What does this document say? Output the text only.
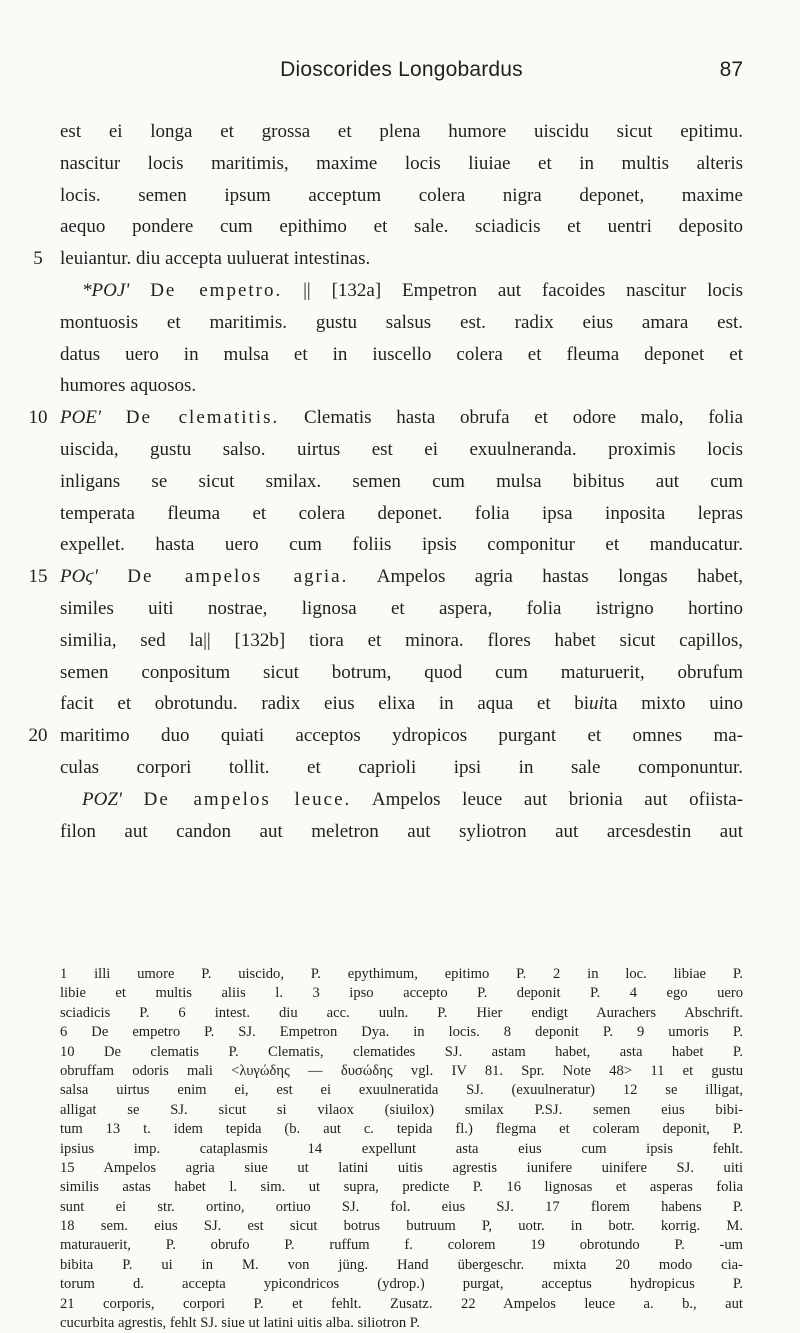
Dioscorides Longobardus	87
est ei longa et grossa et plena humore uiscidu sicut epitimu.
nascitur locis maritimis, maxime locis liuiae et in multis alteris
locis. semen ipsum acceptum colera nigra deponet, maxime
aequo pondere cum epithimo et sale. sciadicis et uentri deposito
5 leuiantur. diu accepta uuluerat intestinas.
*POJ' De empetro. || [132a] Empetron aut facoides nascitur locis
montuosis et maritimis. gustu salsus est. radix eius amara est.
datus uero in mulsa et in iuscello colera et fleuma deponet et
humores aquosos.
10 POE' De clematitis. Clematis hasta obrufa et odore malo, folia
uiscida, gustu salso. uirtus est ei exuulneranda. proximis locis
inligans se sicut smilax. semen cum mulsa bibitus aut cum
temperata fleuma et colera deponet. folia ipsa inposita lepras
expellet. hasta uero cum foliis ipsis componitur et manducatur.
15 POϛ' De ampelos agria. Ampelos agria hastas longas habet,
similes uiti nostrae, lignosa et aspera, folia istrigno hortino
similia, sed la|| [132b] tiora et minora. flores habet sicut capillos,
semen conpositum sicut botrum, quod cum maturuerit, obrufum
facit et obrotundu. radix eius elixa in aqua et biuita mixto uino
20 maritimo duo quiati acceptos ydropicos purgant et omnes ma-
culas corpori tollit. et caprioli ipsi in sale componuntur.
POZ' De ampelos leuce. Ampelos leuce aut brionia aut ofiista-
filon aut candon aut meletron aut syliotron aut arcesdestin aut
1 illi umore P. uiscido, P. epythimum, epitimo P. 2 in loc. libiae P.
libie et multis aliis l. 3 ipso accepto P. deponit P. 4 ego uero
sciadicis P. 6 intest. diu acc. uuln. P. Hier endigt Aurachers Abschrift.
6 De empetro P. SJ. Empetron Dya. in locis. 8 deponit P. 9 umoris P.
10 De clematis P. Clematis, clematides SJ. astam habet, asta habet P.
obruffam odoris mali <λυγώδης — δυσώδης vgl. IV 81. Spr. Note 48> 11 et gustu
salsa uirtus enim ei, est ei exuulneratida SJ. (exuulneratur) 12 se illigat,
alligat se SJ. sicut si vilaox (siuilox) smilax P.SJ. semen eius bibi-
tum 13 t. idem tepida (b. aut c. tepida fl.) flegma et coleram deponit, P.
ipsius imp. cataplasmis 14 expellunt asta eius cum ipsis fehlt.
15 Ampelos agria siue ut latini uitis agrestis iunifere uinifere SJ. uiti
similis astas habet l. sim. ut supra, predicte P. 16 lignosas et asperas folia
sunt ei str. ortino, ortiuo SJ. fol. eius SJ. 17 florem habens P.
18 sem. eius SJ. est sicut botrus butruum P, uotr. in botr. korrig. M.
maturauerit, P. obrufo P. ruffum f. colorem 19 obrotundo P. -um
bibita P. ui in M. von jüng. Hand übergeschr. mixta 20 modo cia-
torum d. accepta ypicondricos (ydrop.) purgat, acceptus hydropicus P.
21 corporis, corpori P. et fehlt. Zusatz. 22 Ampelos leuce a. b., aut
cucurbita agrestis, fehlt SJ. siue ut latini uitis alba. siliotron P.
